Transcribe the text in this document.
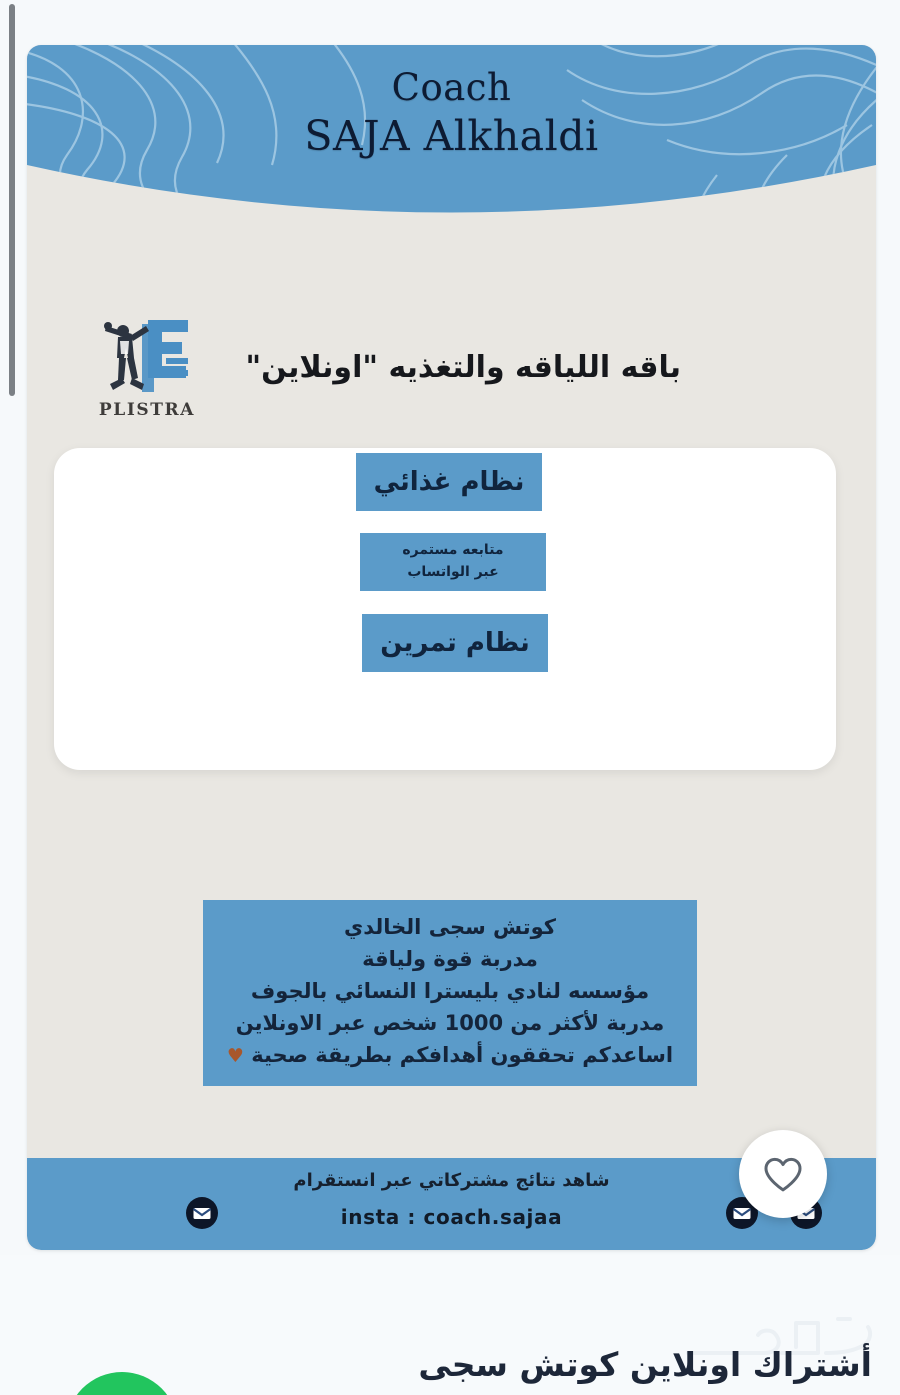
Coach
SAJA Alkhaldi
PLISTRA
باقه اللياقه والتغذيه "اونلاين"
نظام غذائي
متابعه مستمره
عبر الواتساب
نظام تمرين
كوتش سجى الخالدي
مدربة قوة ولياقة
مؤسسه لنادي بليسترا النسائي بالجوف
مدربة لأكثر من 1000 شخص عبر الاونلاين
اساعدكم تحققون أهدافكم بطريقة صحية ♥
شاهد نتائج مشتركاتي عبر انستقرام
insta : coach.sajaa
أشتراك اونلاين كوتش سجى
